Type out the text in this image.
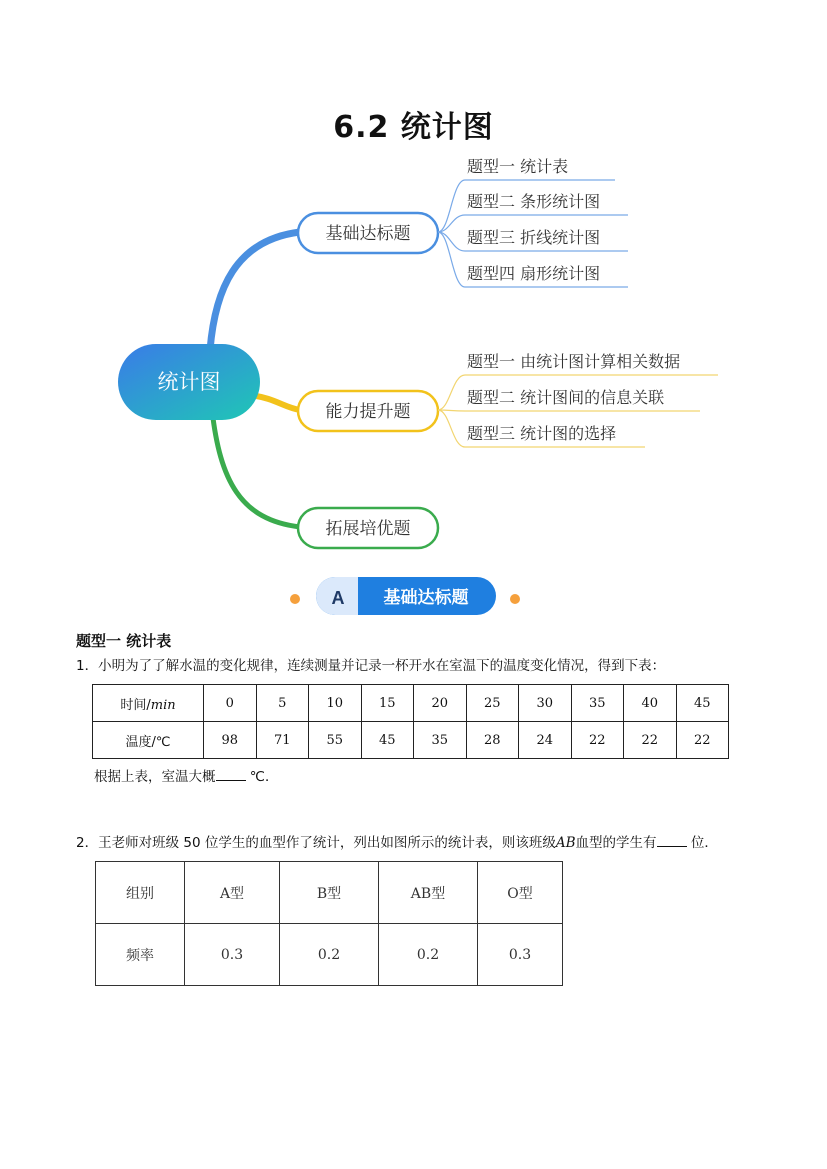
6.2 统计图
统计图
基础达标题
能力提升题
拓展培优题
题型一 统计表
题型二 条形统计图
题型三 折线统计图
题型四 扇形统计图
题型一 由统计图计算相关数据
题型二 统计图间的信息关联
题型三 统计图的选择
A 基础达标题
题型一 统计表
1．小明为了了解水温的变化规律，连续测量并记录一杯开水在室温下的温度变化情况，得到下表：
时间/min	0	5	10	15	20	25	30	35	40	45
温度/℃	98	71	55	45	35	28	24	22	22	22
根据上表，室温大概	℃．
2．王老师对班级 50 位学生的血型作了统计，列出如图所示的统计表，则该班级AB血型的学生有	位．
组别	A型	B型	AB型	O型
频率	0.3	0.2	0.2	0.3
